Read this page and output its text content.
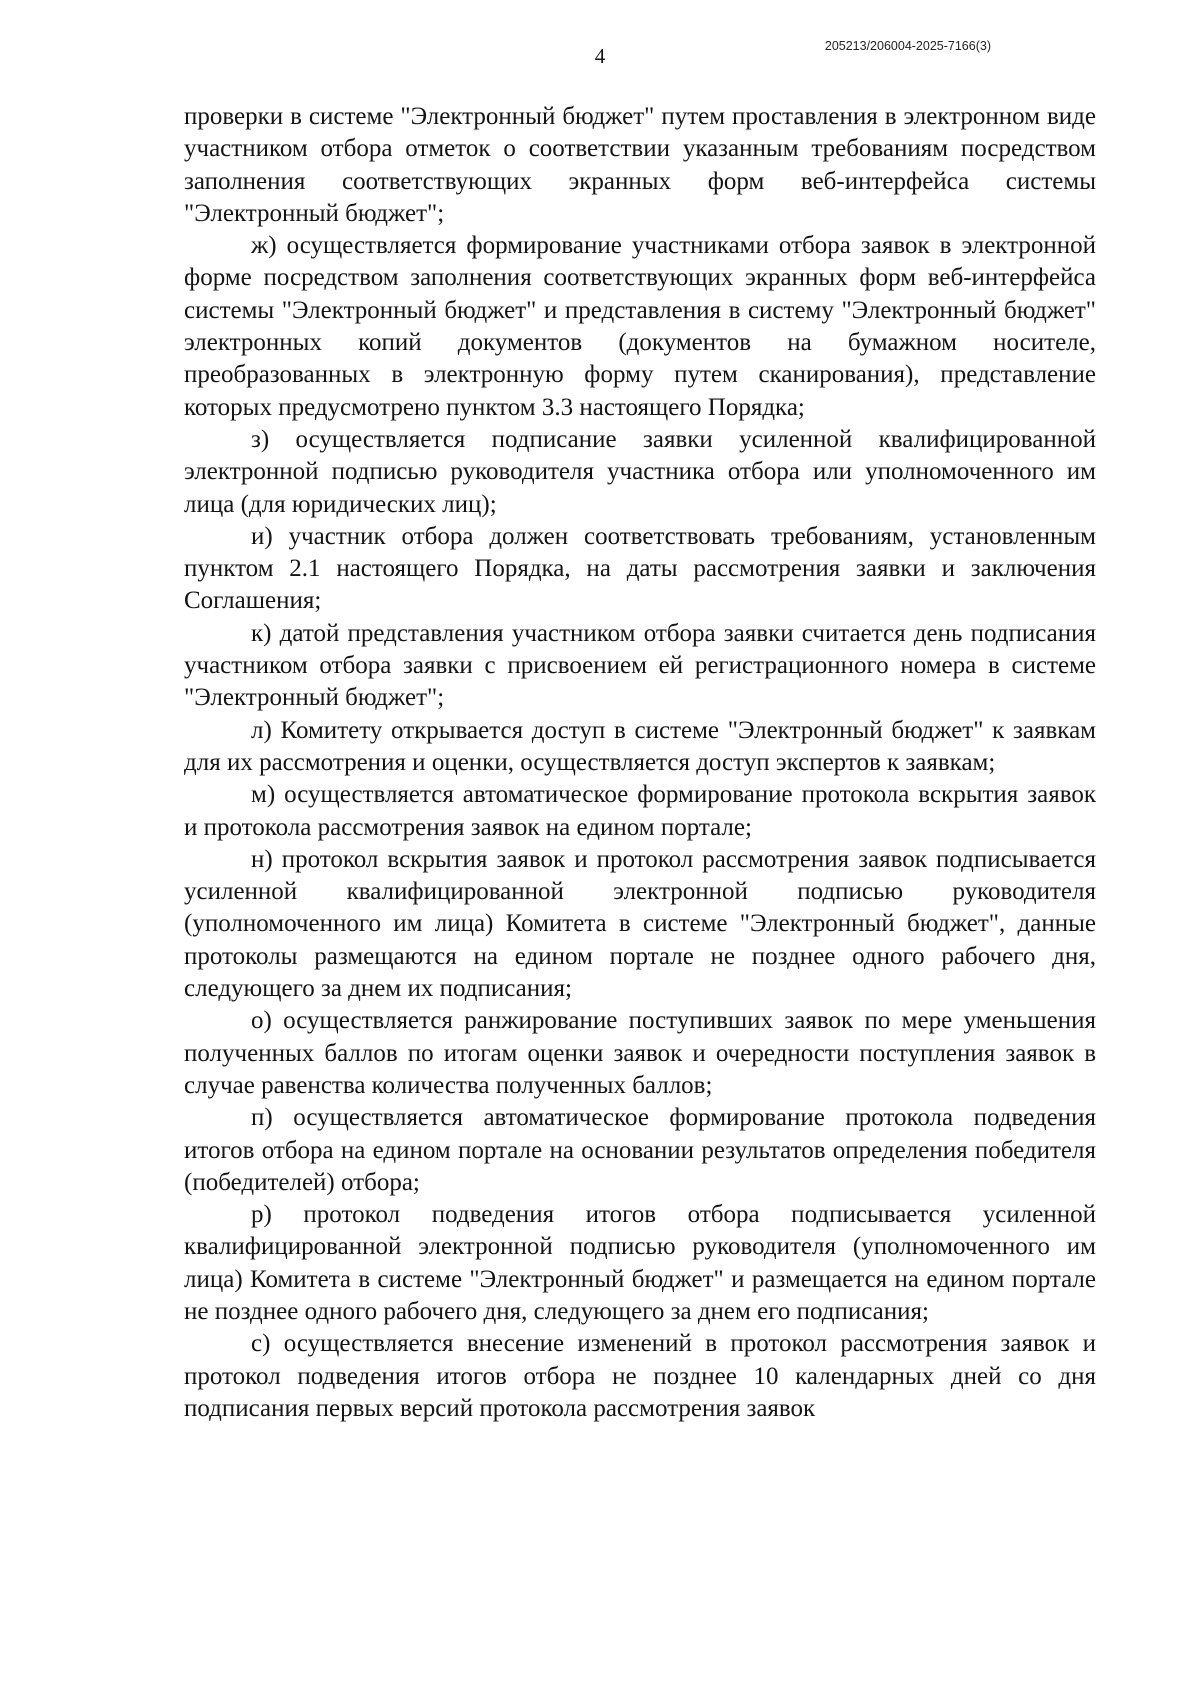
4	205213/206004-2025-7166(3)

проверки в системе "Электронный бюджет" путем проставления в электронном виде участником отбора отметок о соответствии указанным требованиям посредством заполнения соответствующих экранных форм веб-интерфейса системы "Электронный бюджет";

ж) осуществляется формирование участниками отбора заявок в электронной форме посредством заполнения соответствующих экранных форм веб-интерфейса системы "Электронный бюджет" и представления в систему "Электронный бюджет" электронных копий документов (документов на бумажном носителе, преобразованных в электронную форму путем сканирования), представление которых предусмотрено пунктом 3.3 настоящего Порядка;

з) осуществляется подписание заявки усиленной квалифицированной электронной подписью руководителя участника отбора или уполномоченного им лица (для юридических лиц);

и) участник отбора должен соответствовать требованиям, установленным пунктом 2.1 настоящего Порядка, на даты рассмотрения заявки и заключения Соглашения;

к) датой представления участником отбора заявки считается день подписания участником отбора заявки с присвоением ей регистрационного номера в системе "Электронный бюджет";

л) Комитету открывается доступ в системе "Электронный бюджет" к заявкам для их рассмотрения и оценки, осуществляется доступ экспертов к заявкам;

м) осуществляется автоматическое формирование протокола вскрытия заявок и протокола рассмотрения заявок на едином портале;

н) протокол вскрытия заявок и протокол рассмотрения заявок подписывается усиленной квалифицированной электронной подписью руководителя (уполномоченного им лица) Комитета в системе "Электронный бюджет", данные протоколы размещаются на едином портале не позднее одного рабочего дня, следующего за днем их подписания;

о) осуществляется ранжирование поступивших заявок по мере уменьшения полученных баллов по итогам оценки заявок и очередности поступления заявок в случае равенства количества полученных баллов;

п) осуществляется автоматическое формирование протокола подведения итогов отбора на едином портале на основании результатов определения победителя (победителей) отбора;

р) протокол подведения итогов отбора подписывается усиленной квалифицированной электронной подписью руководителя (уполномоченного им лица) Комитета в системе "Электронный бюджет" и размещается на едином портале не позднее одного рабочего дня, следующего за днем его подписания;

с) осуществляется внесение изменений в протокол рассмотрения заявок и протокол подведения итогов отбора не позднее 10 календарных дней со дня подписания первых версий протокола рассмотрения заявок
